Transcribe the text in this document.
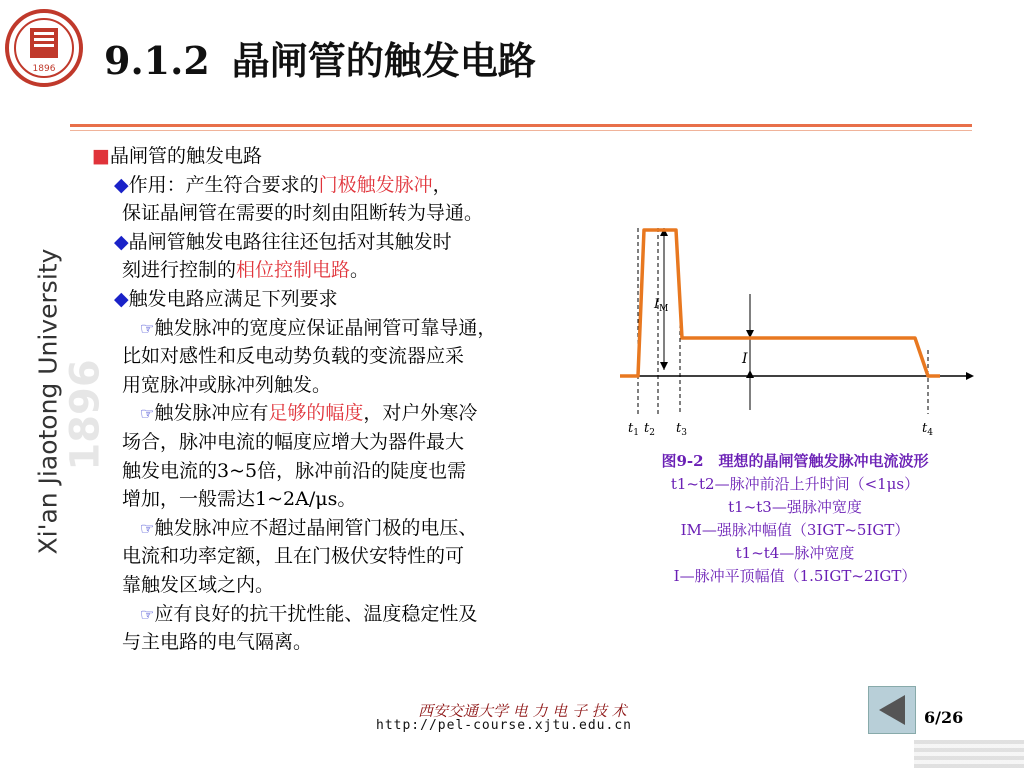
1896
1896
Xi'an Jiaotong University
9.1.2 晶闸管的触发电路
■晶闸管的触发电路
◆作用：产生符合要求的门极触发脉冲，
保证晶闸管在需要的时刻由阻断转为导通。
◆晶闸管触发电路往往还包括对其触发时
刻进行控制的相位控制电路。
◆触发电路应满足下列要求
☞触发脉冲的宽度应保证晶闸管可靠导通，
比如对感性和反电动势负载的变流器应采
用宽脉冲或脉冲列触发。
☞触发脉冲应有足够的幅度，对户外寒冷
场合，脉冲电流的幅度应增大为器件最大
触发电流的3~5倍，脉冲前沿的陡度也需
增加，一般需达1~2A/μs。
☞触发脉冲应不超过晶闸管门极的电压、
电流和功率定额，且在门极伏安特性的可
靠触发区域之内。
☞应有良好的抗干扰性能、温度稳定性及
与主电路的电气隔离。
$I_M$
I
$t_1$ $t_2$ $t_3$	$t_4$
图9-2　理想的晶闸管触发脉冲电流波形
t1~t2—脉冲前沿上升时间（<1μs）
t1~t3—强脉冲宽度
IM—强脉冲幅值（3IGT~5IGT）
t1~t4—脉冲宽度
I—脉冲平顶幅值（1.5IGT~2IGT）
西安交通大学 电 力 电 子 技 术
http://pel-course.xjtu.edu.cn	6/26
